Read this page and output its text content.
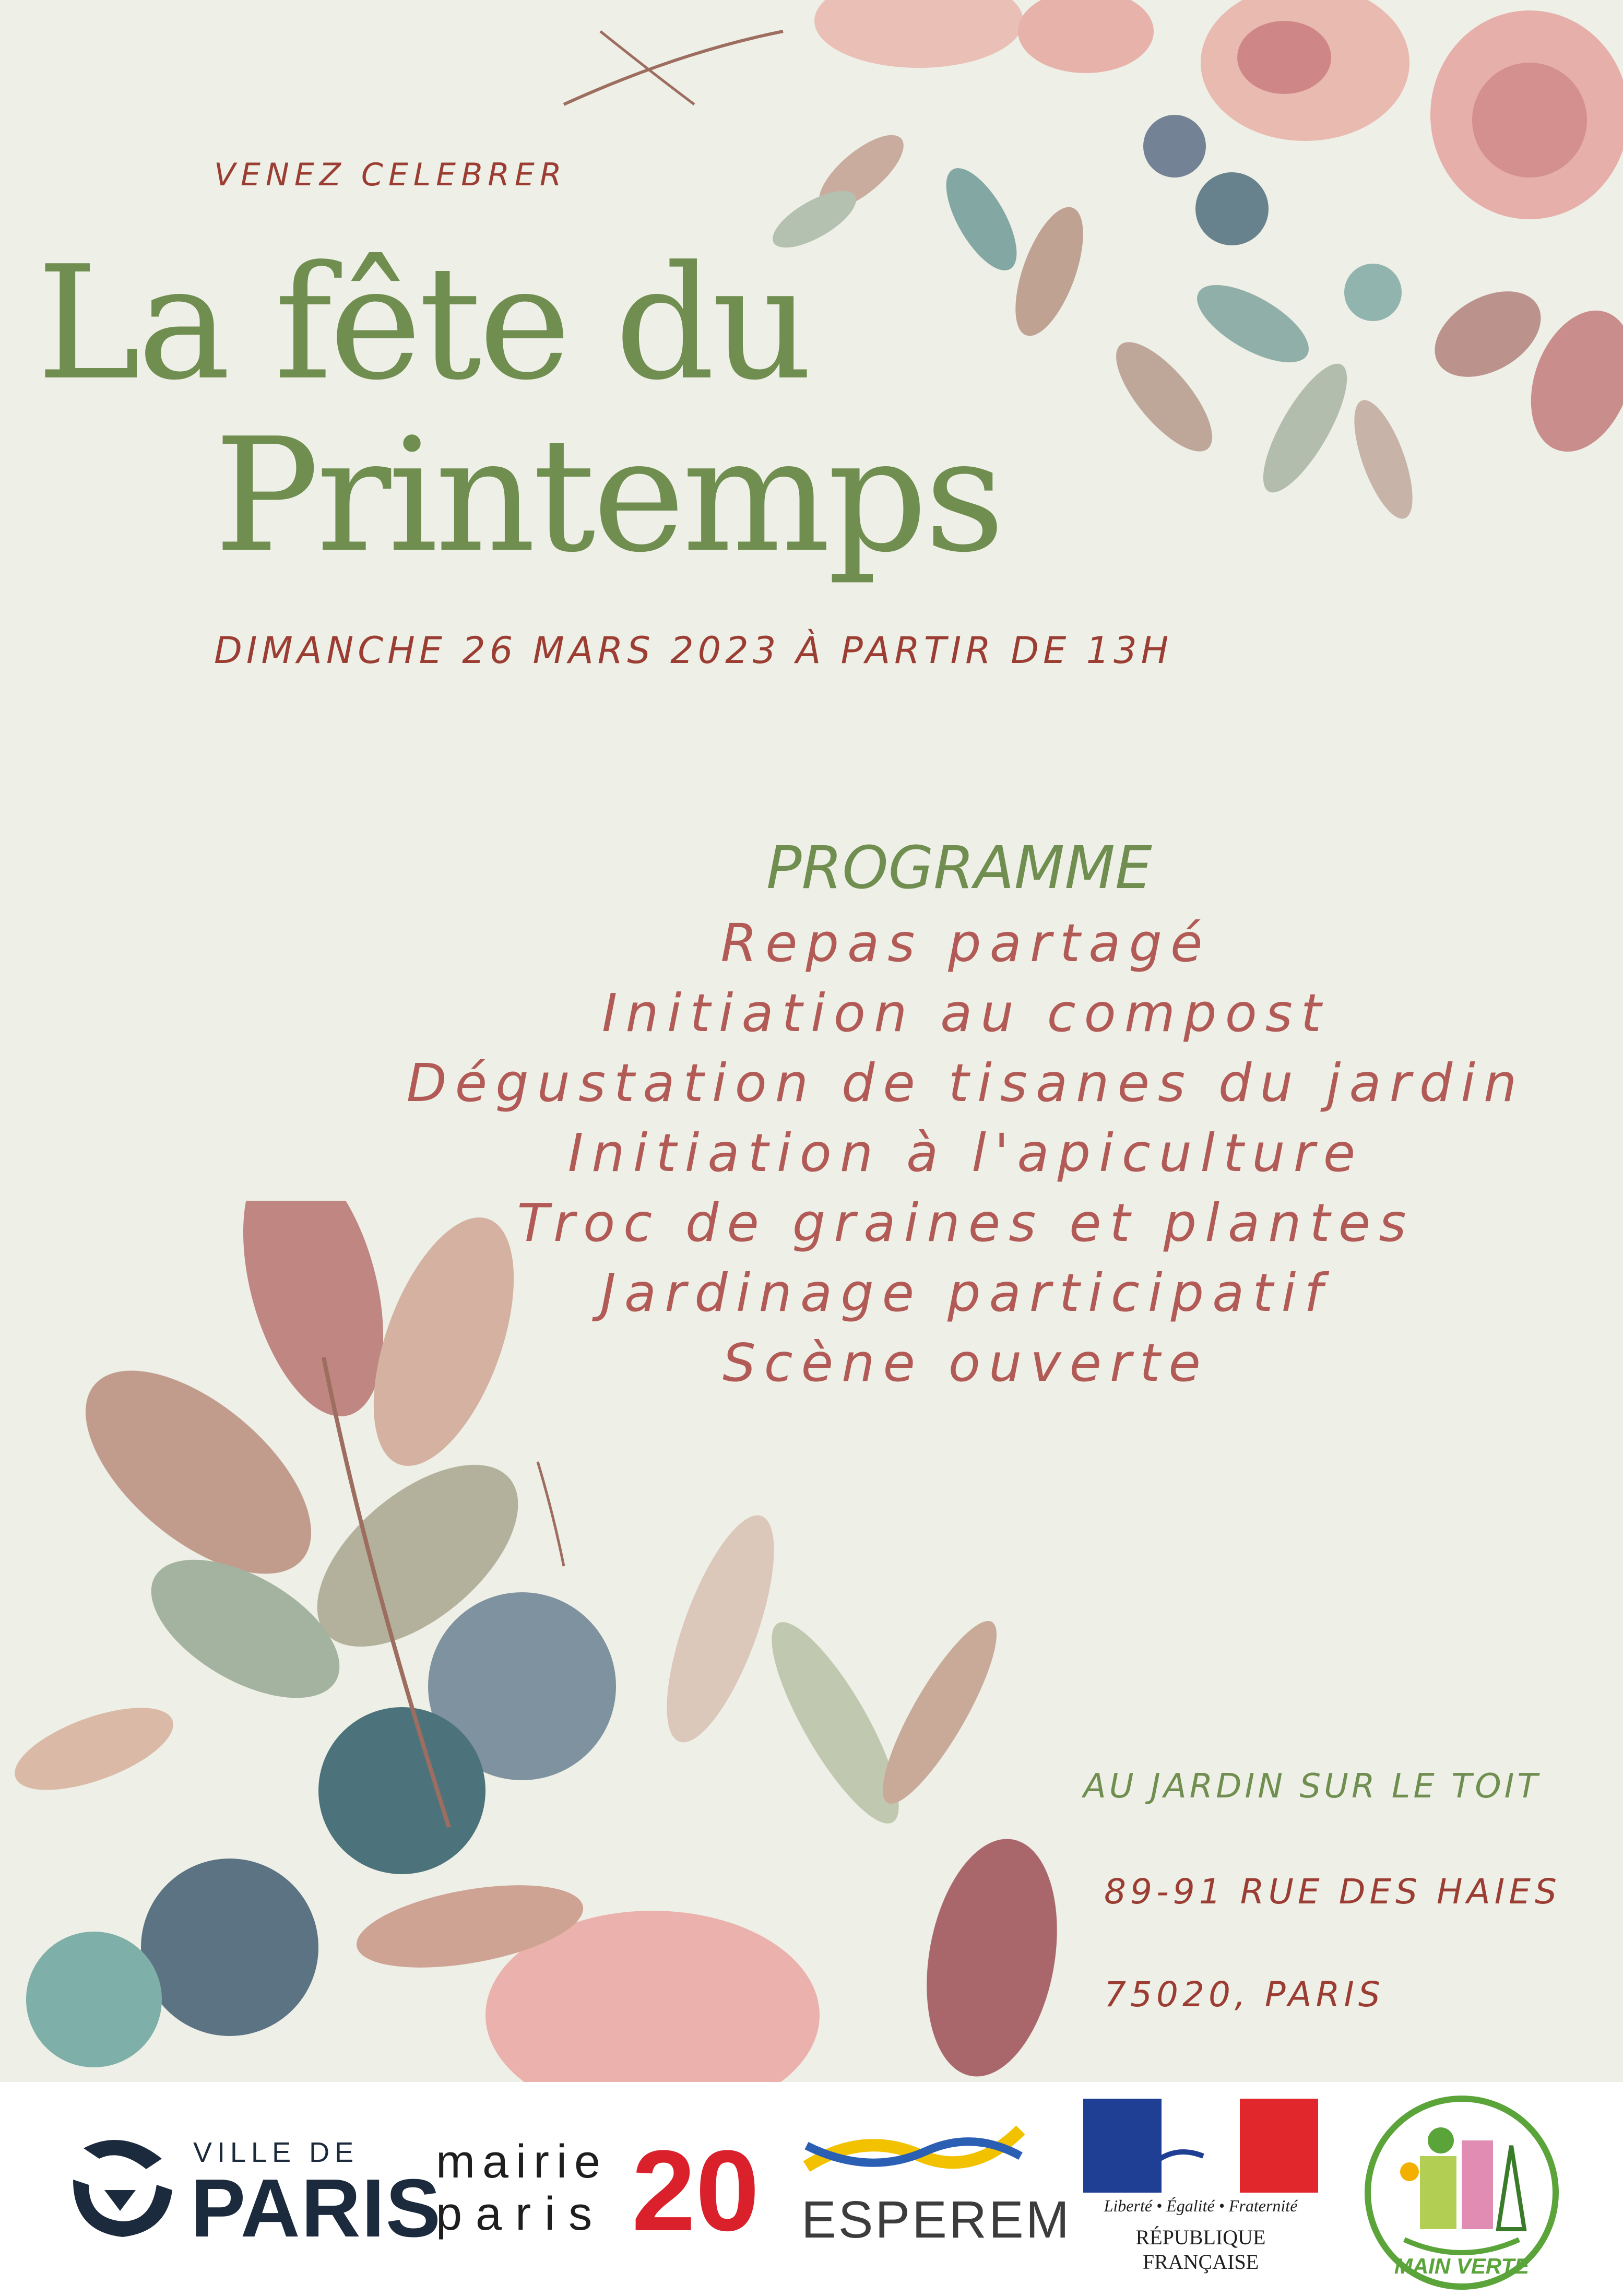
VENEZ CELEBRER
La fête du
Printemps
DIMANCHE 26 MARS 2023 À PARTIR DE 13H
PROGRAMME
Repas partagé
Initiation au compost
Dégustation de tisanes du jardin
Initiation à l'apiculture
Troc de graines et plantes
Jardinage participatif
Scène ouverte
AU JARDIN SUR LE TOIT
89-91 RUE DES HAIES
75020, PARIS
VILLE DE
PARIS
mairie
paris 20 ESPEREM	Liberté • Égalité • Fraternité
RÉPUBLIQUE FRANÇAISE	MAIN VERTE
